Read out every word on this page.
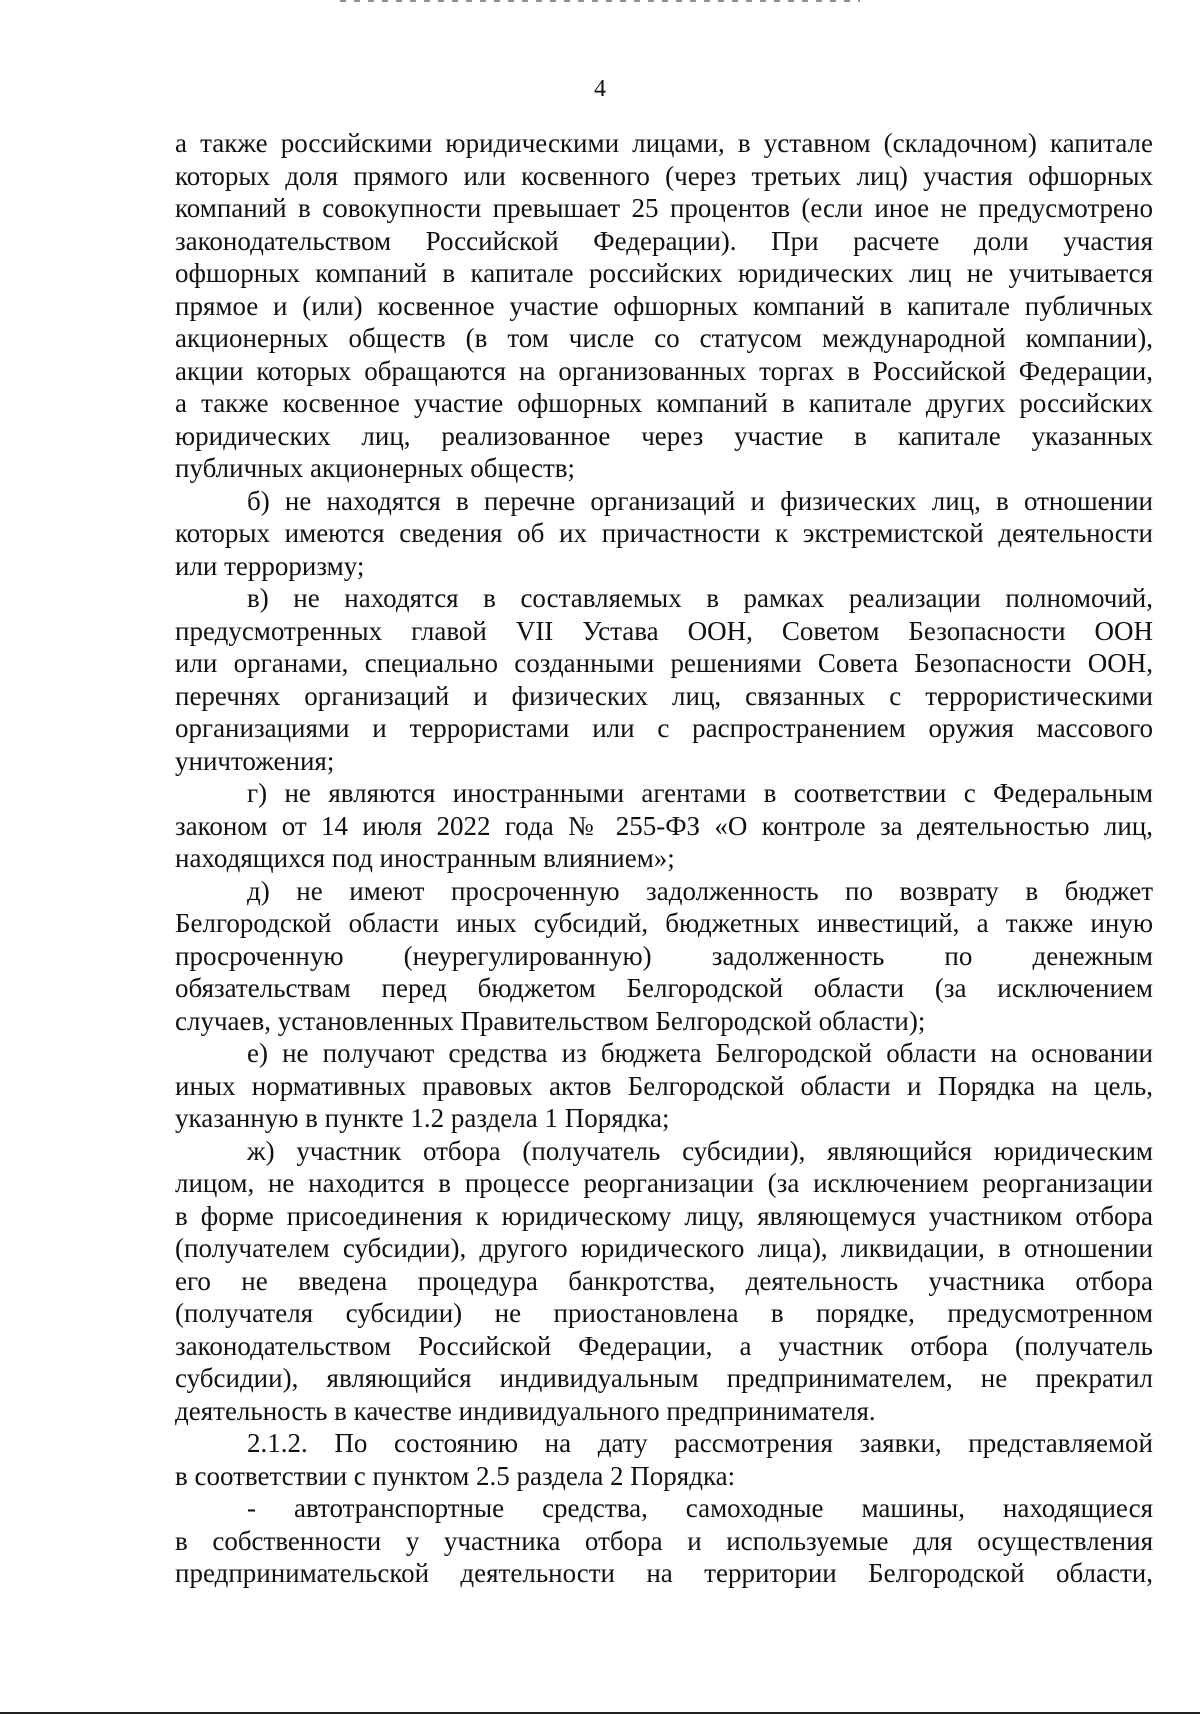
4
а также российскими юридическими лицами, в уставном (складочном) капитале
которых доля прямого или косвенного (через третьих лиц) участия офшорных
компаний в совокупности превышает 25 процентов (если иное не предусмотрено
законодательством Российской Федерации). При расчете доли участия
офшорных компаний в капитале российских юридических лиц не учитывается
прямое и (или) косвенное участие офшорных компаний в капитале публичных
акционерных обществ (в том числе со статусом международной компании),
акции которых обращаются на организованных торгах в Российской Федерации,
а также косвенное участие офшорных компаний в капитале других российских
юридических лиц, реализованное через участие в капитале указанных
публичных акционерных обществ;
б) не находятся в перечне организаций и физических лиц, в отношении
которых имеются сведения об их причастности к экстремистской деятельности
или терроризму;
в) не находятся в составляемых в рамках реализации полномочий,
предусмотренных главой VII Устава ООН, Советом Безопасности ООН
или органами, специально созданными решениями Совета Безопасности ООН,
перечнях организаций и физических лиц, связанных с террористическими
организациями и террористами или с распространением оружия массового
уничтожения;
г) не являются иностранными агентами в соответствии с Федеральным
законом от 14 июля 2022 года № 255-ФЗ «О контроле за деятельностью лиц,
находящихся под иностранным влиянием»;
д) не имеют просроченную задолженность по возврату в бюджет
Белгородской области иных субсидий, бюджетных инвестиций, а также иную
просроченную (неурегулированную) задолженность по денежным
обязательствам перед бюджетом Белгородской области (за исключением
случаев, установленных Правительством Белгородской области);
е) не получают средства из бюджета Белгородской области на основании
иных нормативных правовых актов Белгородской области и Порядка на цель,
указанную в пункте 1.2 раздела 1 Порядка;
ж) участник отбора (получатель субсидии), являющийся юридическим
лицом, не находится в процессе реорганизации (за исключением реорганизации
в форме присоединения к юридическому лицу, являющемуся участником отбора
(получателем субсидии), другого юридического лица), ликвидации, в отношении
его не введена процедура банкротства, деятельность участника отбора
(получателя субсидии) не приостановлена в порядке, предусмотренном
законодательством Российской Федерации, а участник отбора (получатель
субсидии), являющийся индивидуальным предпринимателем, не прекратил
деятельность в качестве индивидуального предпринимателя.
2.1.2. По состоянию на дату рассмотрения заявки, представляемой
в соответствии с пунктом 2.5 раздела 2 Порядка:
- автотранспортные средства, самоходные машины, находящиеся
в собственности у участника отбора и используемые для осуществления
предпринимательской деятельности на территории Белгородской области,
